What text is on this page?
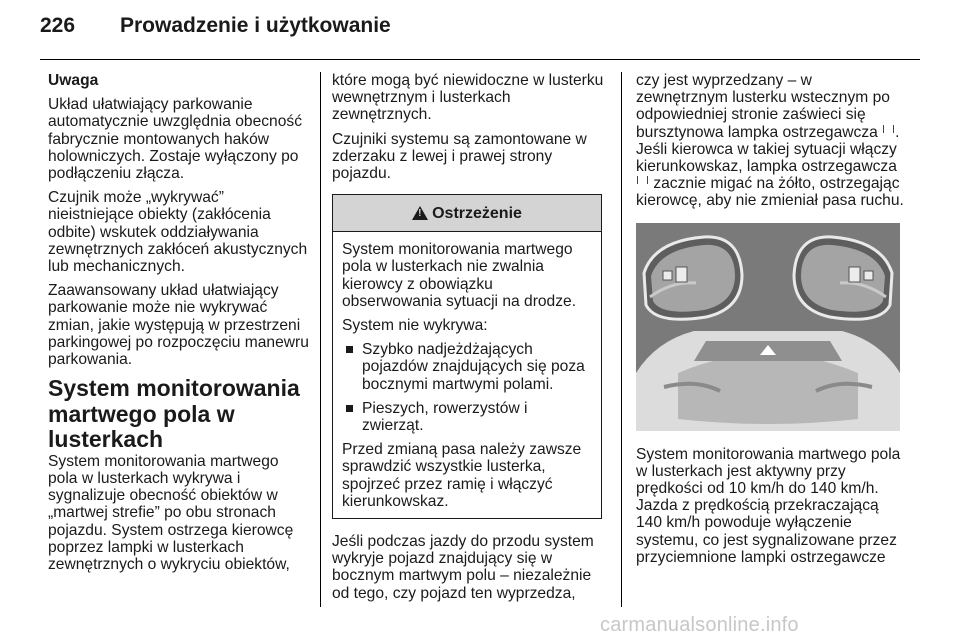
226 Prowadzenie i użytkowanie

Uwaga

Układ ułatwiający parkowanie automatycznie uwzględnia obecność fabrycznie montowanych haków holowniczych. Zostaje wyłączony po podłączeniu złącza.

Czujnik może „wykrywać” nieistniejące obiekty (zakłócenia odbite) wskutek oddziaływania zewnętrznych zakłóceń akustycznych lub mechanicznych.

Zaawansowany układ ułatwiający parkowanie może nie wykrywać zmian, jakie występują w przestrzeni parkingowej po rozpoczęciu manewru parkowania.

System monitorowania martwego pola w lusterkach

System monitorowania martwego pola w lusterkach wykrywa i sygnalizuje obecność obiektów w „martwej strefie” po obu stronach pojazdu. System ostrzega kierowcę poprzez lampki w lusterkach zewnętrznych o wykryciu obiektów,

które mogą być niewidoczne w lusterku wewnętrznym i lusterkach zewnętrznych.

Czujniki systemu są zamontowane w zderzaku z lewej i prawej strony pojazdu.

!
Ostrzeżenie

System monitorowania martwego pola w lusterkach nie zwalnia kierowcy z obowiązku obserwowania sytuacji na drodze.

System nie wykrywa:

Szybko nadjeżdżających pojazdów znajdujących się poza bocznymi martwymi polami.
Pieszych, rowerzystów i zwierząt.

Przed zmianą pasa należy zawsze sprawdzić wszystkie lusterka, spojrzeć przez ramię i włączyć kierunkowskaz.

Jeśli podczas jazdy do przodu system wykryje pojazd znajdujący się w bocznym martwym polu – niezależnie od tego, czy pojazd ten wyprzedza,

czy jest wyprzedzany – w zewnętrznym lusterku wstecznym po odpowiedniej stronie zaświeci się bursztynowa lampka ostrzegawcza . Jeśli kierowca w takiej sytuacji włączy kierunkowskaz, lampka ostrzegawcza  zacznie migać na żółto, ostrzegając kierowcę, aby nie zmieniał pasa ruchu.

System monitorowania martwego pola w lusterkach jest aktywny przy prędkości od 10 km/h do 140 km/h. Jazda z prędkością przekraczającą 140 km/h powoduje wyłączenie systemu, co jest sygnalizowane przez przyciemnione lampki ostrzegawcze

carmanualsonline.info
